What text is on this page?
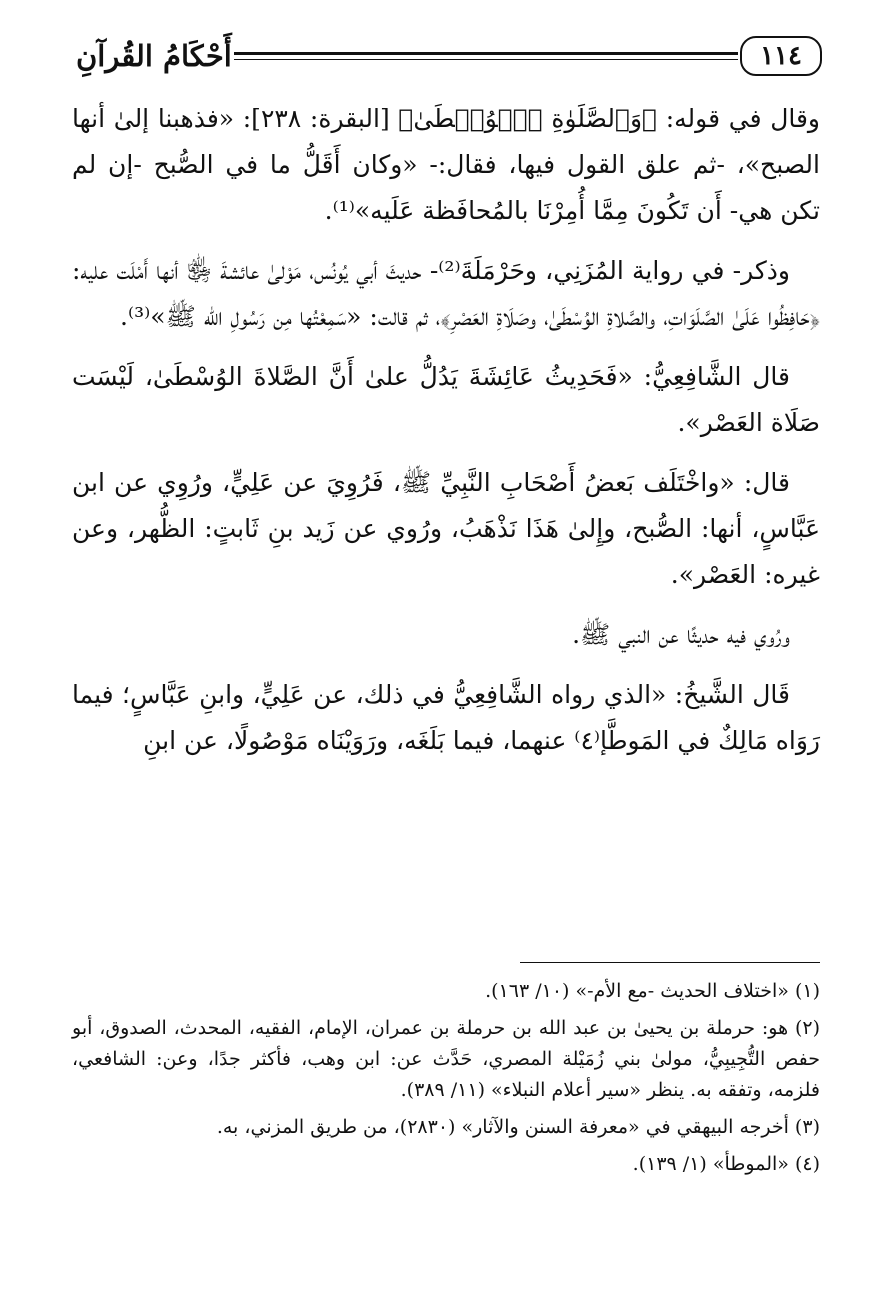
١١٤
أَحْكَامُ القُرآنِ

وقال في قوله: ﴿وَٱلصَّلَوٰةِ ٱلۡوُسۡطَىٰ﴾ [البقرة: ٢٣٨]: «فذهبنا إلىٰ أنها الصبح»، -ثم علق القول فيها، فقال:- «وكان أَقَلُّ ما في الصُّبح -إن لم تكن هي- أَن تَكُونَ مِمَّا أُمِرْنَا بالمُحافَظة عَلَيه»⁽¹⁾.

وذكر- في رواية المُزَنِي، وحَرْمَلَةَ⁽²⁾- حديثَ أبي يُونُس، مَوْلىٰ عائشةَ ﵂ أنها أَمْلَت عليه: ﴿حَافِظُوا عَلَىٰ الصَّلَوَاتِ، والصَّلاةِ الوُسْطَىٰ، وصَلَاةِ العَصْرِ﴾، ثم قالت: «سَمِعْتُها مِن رَسُولِ الله ﷺ»⁽³⁾.

قال الشَّافِعِيُّ: «فَحَدِيثُ عَائِشَةَ يَدُلُّ علىٰ أَنَّ الصَّلاةَ الوُسْطَىٰ، لَيْسَت صَلَاة العَصْر».

قال: «واخْتَلَف بَعضُ أَصْحَابِ النَّبِيِّ ﷺ، فَرُوِيَ عن عَلِيٍّ، ورُوِي عن ابن عَبَّاسٍ، أنها: الصُّبح، وإِلىٰ هَذَا نَذْهَبُ، ورُوي عن زَيد بنِ ثَابتٍ: الظُّهر، وعن غيره: العَصْر».

ورُوي فيه حديثًا عن النبي ﷺ.

قَال الشَّيخُ: «الذي رواه الشَّافِعِيُّ في ذلك، عن عَلِيٍّ، وابنِ عَبَّاسٍ؛ فيما رَوَاه مَالِكٌ في المَوطَّإ⁽٤⁾ عنهما، فيما بَلَغَه، ورَوَيْنَاه مَوْصُولًا، عن ابنِ

(١) «اختلاف الحديث -مع الأم-» (١٠/ ١٦٣).

(٢) هو: حرملة بن يحيىٰ بن عبد الله بن حرملة بن عمران، الإمام، الفقيه، المحدث، الصدوق، أبو حفص التُّجِيبِيُّ، مولىٰ بني زُمَيْلة المصري، حَدَّث عن: ابن وهب، فأكثر جدًا، وعن: الشافعي، فلزمه، وتفقه به. ينظر «سير أعلام النبلاء» (١١/ ٣٨٩).

(٣) أخرجه البيهقي في «معرفة السنن والآثار» (٢٨٣٠)، من طريق المزني، به.

(٤) «الموطأ» (١/ ١٣٩).
